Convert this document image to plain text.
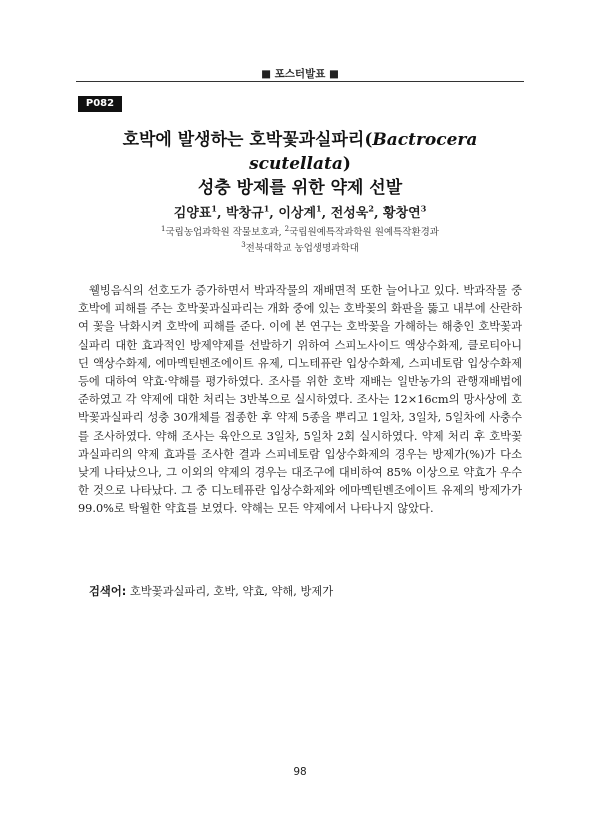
■ 포스터발표 ■
P082
호박에 발생하는 호박꽃과실파리(Bactrocera scutellata)
성충 방제를 위한 약제 선발
김양표$^1$, 박창규$^1$, 이상계$^1$, 전성욱$^2$, 황창연$^3$
$^1$국립농업과학원 작물보호과, $^2$국립원예특작과학원 원예특작환경과
$^3$전북대학교 농업생명과학대

웰빙음식의 선호도가 증가하면서 박과작물의 재배면적 또한 늘어나고 있다. 박과작물 중 호박에 피해를 주는 호박꽃과실파리는 개화 중에 있는 호박꽃의 화판을 뚫고 내부에 산란하여 꽃을 낙화시켜 호박에 피해를 준다. 이에 본 연구는 호박꽃을 가해하는 해충인 호박꽃과실파리 대한 효과적인 방제약제를 선발하기 위하여 스피노사이드 액상수화제, 클로티아니딘 액상수화제, 에마멕틴벤조에이트 유제, 디노테퓨란 입상수화제, 스피네토람 입상수화제 등에 대하여 약효·약해를 평가하였다. 조사를 위한 호박 재배는 일반농가의 관행재배법에 준하였고 각 약제에 대한 처리는 3반복으로 실시하였다. 조사는 12×16cm의 망사상에 호박꽃과실파리 성충 30개체를 접종한 후 약제 5종을 뿌리고 1일차, 3일차, 5일차에 사충수를 조사하였다. 약해 조사는 육안으로 3일차, 5일차 2회 실시하였다. 약제 처리 후 호박꽃과실파리의 약제 효과를 조사한 결과 스피네토람 입상수화제의 경우는 방제가(%)가 다소 낮게 나타났으나, 그 이외의 약제의 경우는 대조구에 대비하여 85% 이상으로 약효가 우수한 것으로 나타났다. 그 중 디노테퓨란 입상수화제와 에마멕틴벤조에이트 유제의 방제가가 99.0%로 탁월한 약효를 보였다. 약해는 모든 약제에서 나타나지 않았다.

검색어: 호박꽃과실파리, 호박, 약효, 약해, 방제가
98
